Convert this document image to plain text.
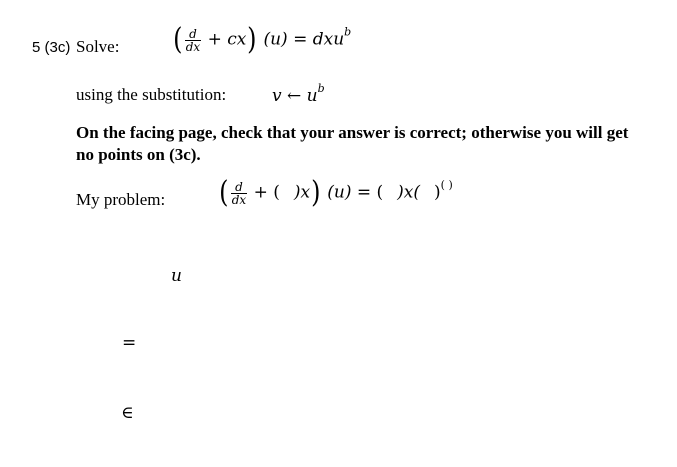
5 (3c) Solve: ( $\frac{d}{dx} + cx$) (u) = dxu$^b$
using the substitution:	v ← $u^b$
On the facing page, check that your answer is correct; otherwise you will get no points on (3c).
My problem: ( $\frac{d}{dx}$ + ( )x) (u) = ( )x( )( )
u
=
∈
